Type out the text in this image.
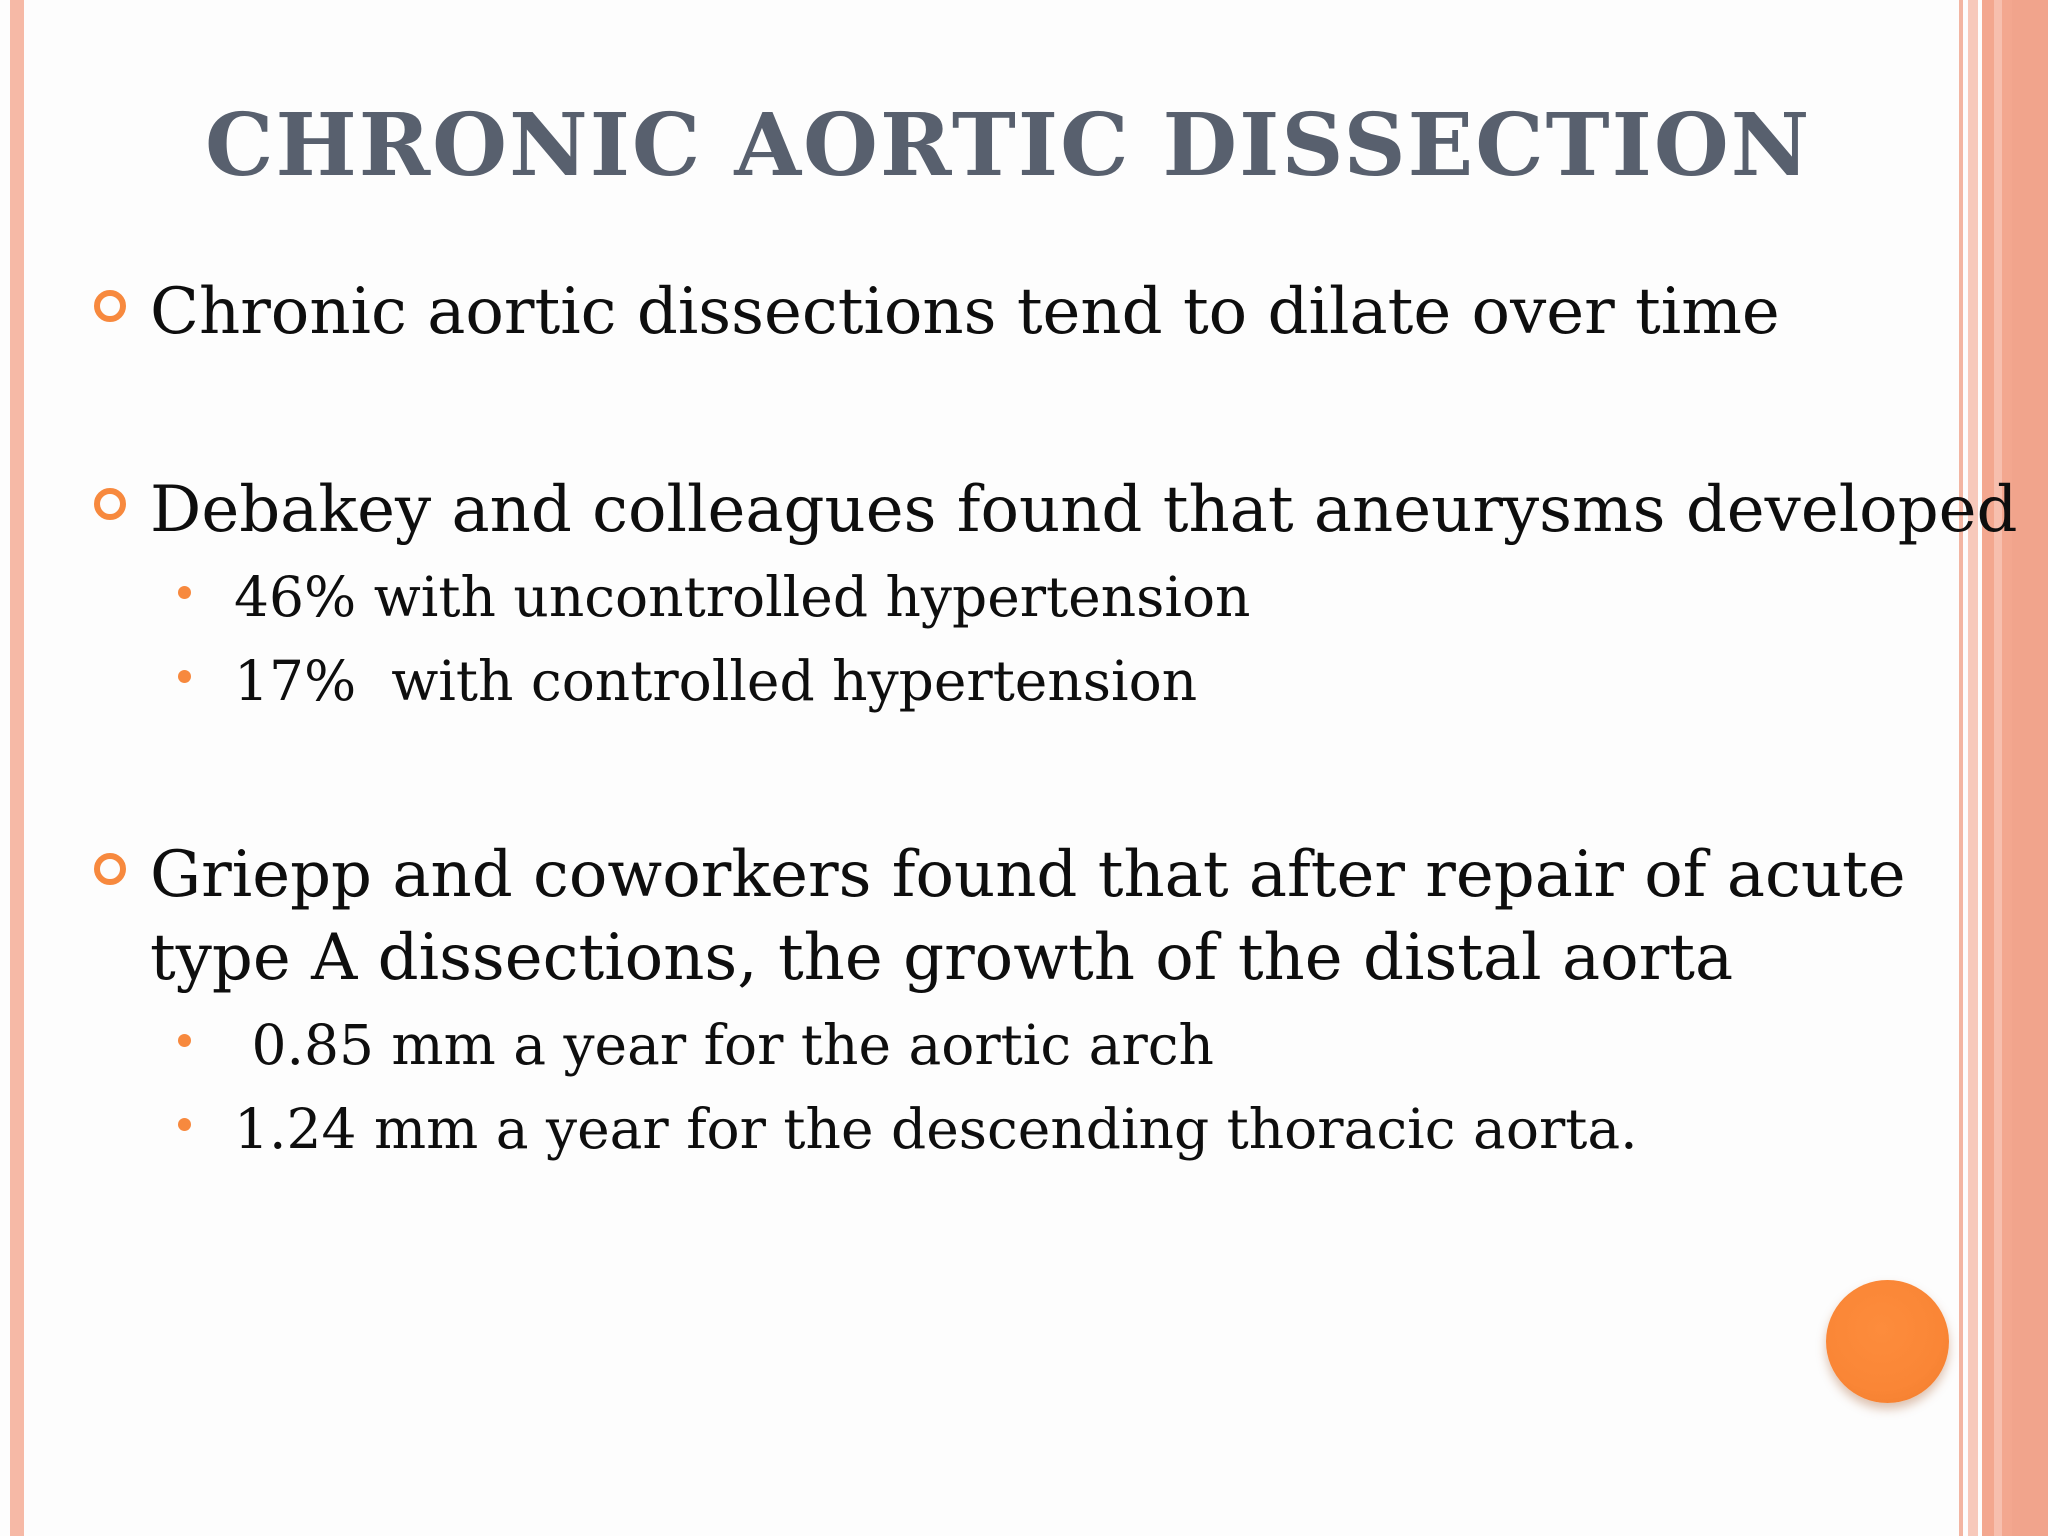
CHRONIC AORTIC DISSECTION
Chronic aortic dissections tend to dilate over time
Debakey and colleagues found that aneurysms developed
46% with uncontrolled hypertension
17%  with controlled hypertension
Griepp and coworkers found that after repair of acute
type A dissections, the growth of the distal aorta
0.85 mm a year for the aortic arch
1.24 mm a year for the descending thoracic aorta.
